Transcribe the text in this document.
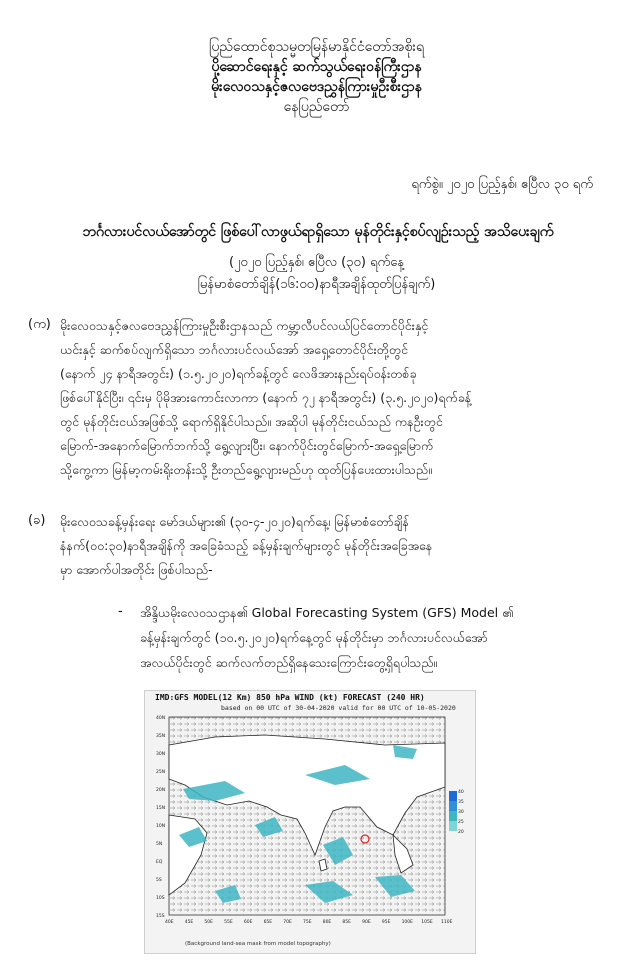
ပြည်ထောင်စုသမ္မတမြန်မာနိုင်ငံတော်အစိုးရ
ပို့ဆောင်ရေးနှင့် ဆက်သွယ်ရေးဝန်ကြီးဌာန
မိုးလေဝသနှင့်ဇလဗေဒညွှန်ကြားမှုဦးစီးဌာန
နေပြည်တော်
ရက်စွဲ။ ၂၀၂၀ ပြည့်နှစ်၊ ဧပြီလ ၃၀ ရက်
ဘင်္ဂလားပင်လယ်အော်တွင် ဖြစ်ပေါ်လာဖွယ်ရာရှိသော မုန်တိုင်းနှင့်စပ်လျဉ်းသည့် အသိပေးချက်
(၂၀၂၀ ပြည့်နှစ်၊ ဧပြီလ (၃၀) ရက်နေ့
မြန်မာစံတော်ချိန်(၁၆:၀၀)နာရီအချိန်ထုတ်ပြန်ချက်)
(က) မိုးလေဝသနှင့်ဇလဗေဒညွှန်ကြားမှုဦးစီးဌာနသည် ကမ္ဘာ့လီပင်လယ်ပြင်တောင်ပိုင်းနှင့်

ယင်းနှင့် ဆက်စပ်လျက်ရှိသော ဘင်္ဂလားပင်လယ်အော် အရှေ့တောင်ပိုင်းတို့တွင်

(နောက် ၂၄ နာရီအတွင်း) (၁.၅.၂၀၂၀)ရက်ခန့်တွင် လေဖိအားနည်းရပ်ဝန်းတစ်ခု

ဖြစ်ပေါ်နိုင်ပြီး၊ ၎င်းမှ ပိုမိုအားကောင်းလာကာ (နောက် ၇၂ နာရီအတွင်း) (၃.၅.၂၀၂၀)ရက်ခန့်

တွင် မုန်တိုင်းငယ်အဖြစ်သို့ ရောက်ရှိနိုင်ပါသည်။ အဆိုပါ မုန်တိုင်းငယ်သည် ကနဦးတွင်

မြောက်-အနောက်မြောက်ဘက်သို့ ရွေ့လျားပြီး၊ နောက်ပိုင်းတွင်မြောက်-အရှေ့မြောက်

သို့ကွေ့ကာ မြန်မာ့ကမ်းရိုးတန်းသို့ ဦးတည်ရွေ့လျားမည်ဟု ထုတ်ပြန်ပေးထားပါသည်။

(ခ) မိုးလေဝသခန့်မှန်းရေး မော်ဒယ်များ၏ (၃၀-၄-၂၀၂၀)ရက်နေ့၊ မြန်မာစံတော်ချိန်

နံနက်(၀၀:၃၀)နာရီအချိန်ကို အခြေခံသည့် ခန့်မှန်းချက်များတွင် မုန်တိုင်းအခြေအနေ

မှာ အောက်ပါအတိုင်း ဖြစ်ပါသည်-

- အိန္ဒိယမိုးလေဝသဌာန၏ Global Forecasting System (GFS) Model ၏

ခန့်မှန်းချက်တွင် (၁၀.၅.၂၀၂၀)ရက်နေ့တွင် မုန်တိုင်းမှာ ဘင်္ဂလားပင်လယ်အော်

အလယ်ပိုင်းတွင် ဆက်လက်တည်ရှိနေသေးကြောင်းတွေ့ရှိရပါသည်။

IMD:GFS MODEL(12 Km) 850 hPa WIND (kt) FORECAST (240 HR)
based on 00 UTC of 30-04-2020 valid for 00 UTC of 10-05-2020
40E 45E 50E 55E 60E 65E 70E 75E 80E 85E 90E 95E 100E 105E 110E
40N
35N
30N
25N
20N
15N
10N
5N
EQ
5S
10S
15S
40
35
30
25
20
(Background land-sea mask from model topography)
